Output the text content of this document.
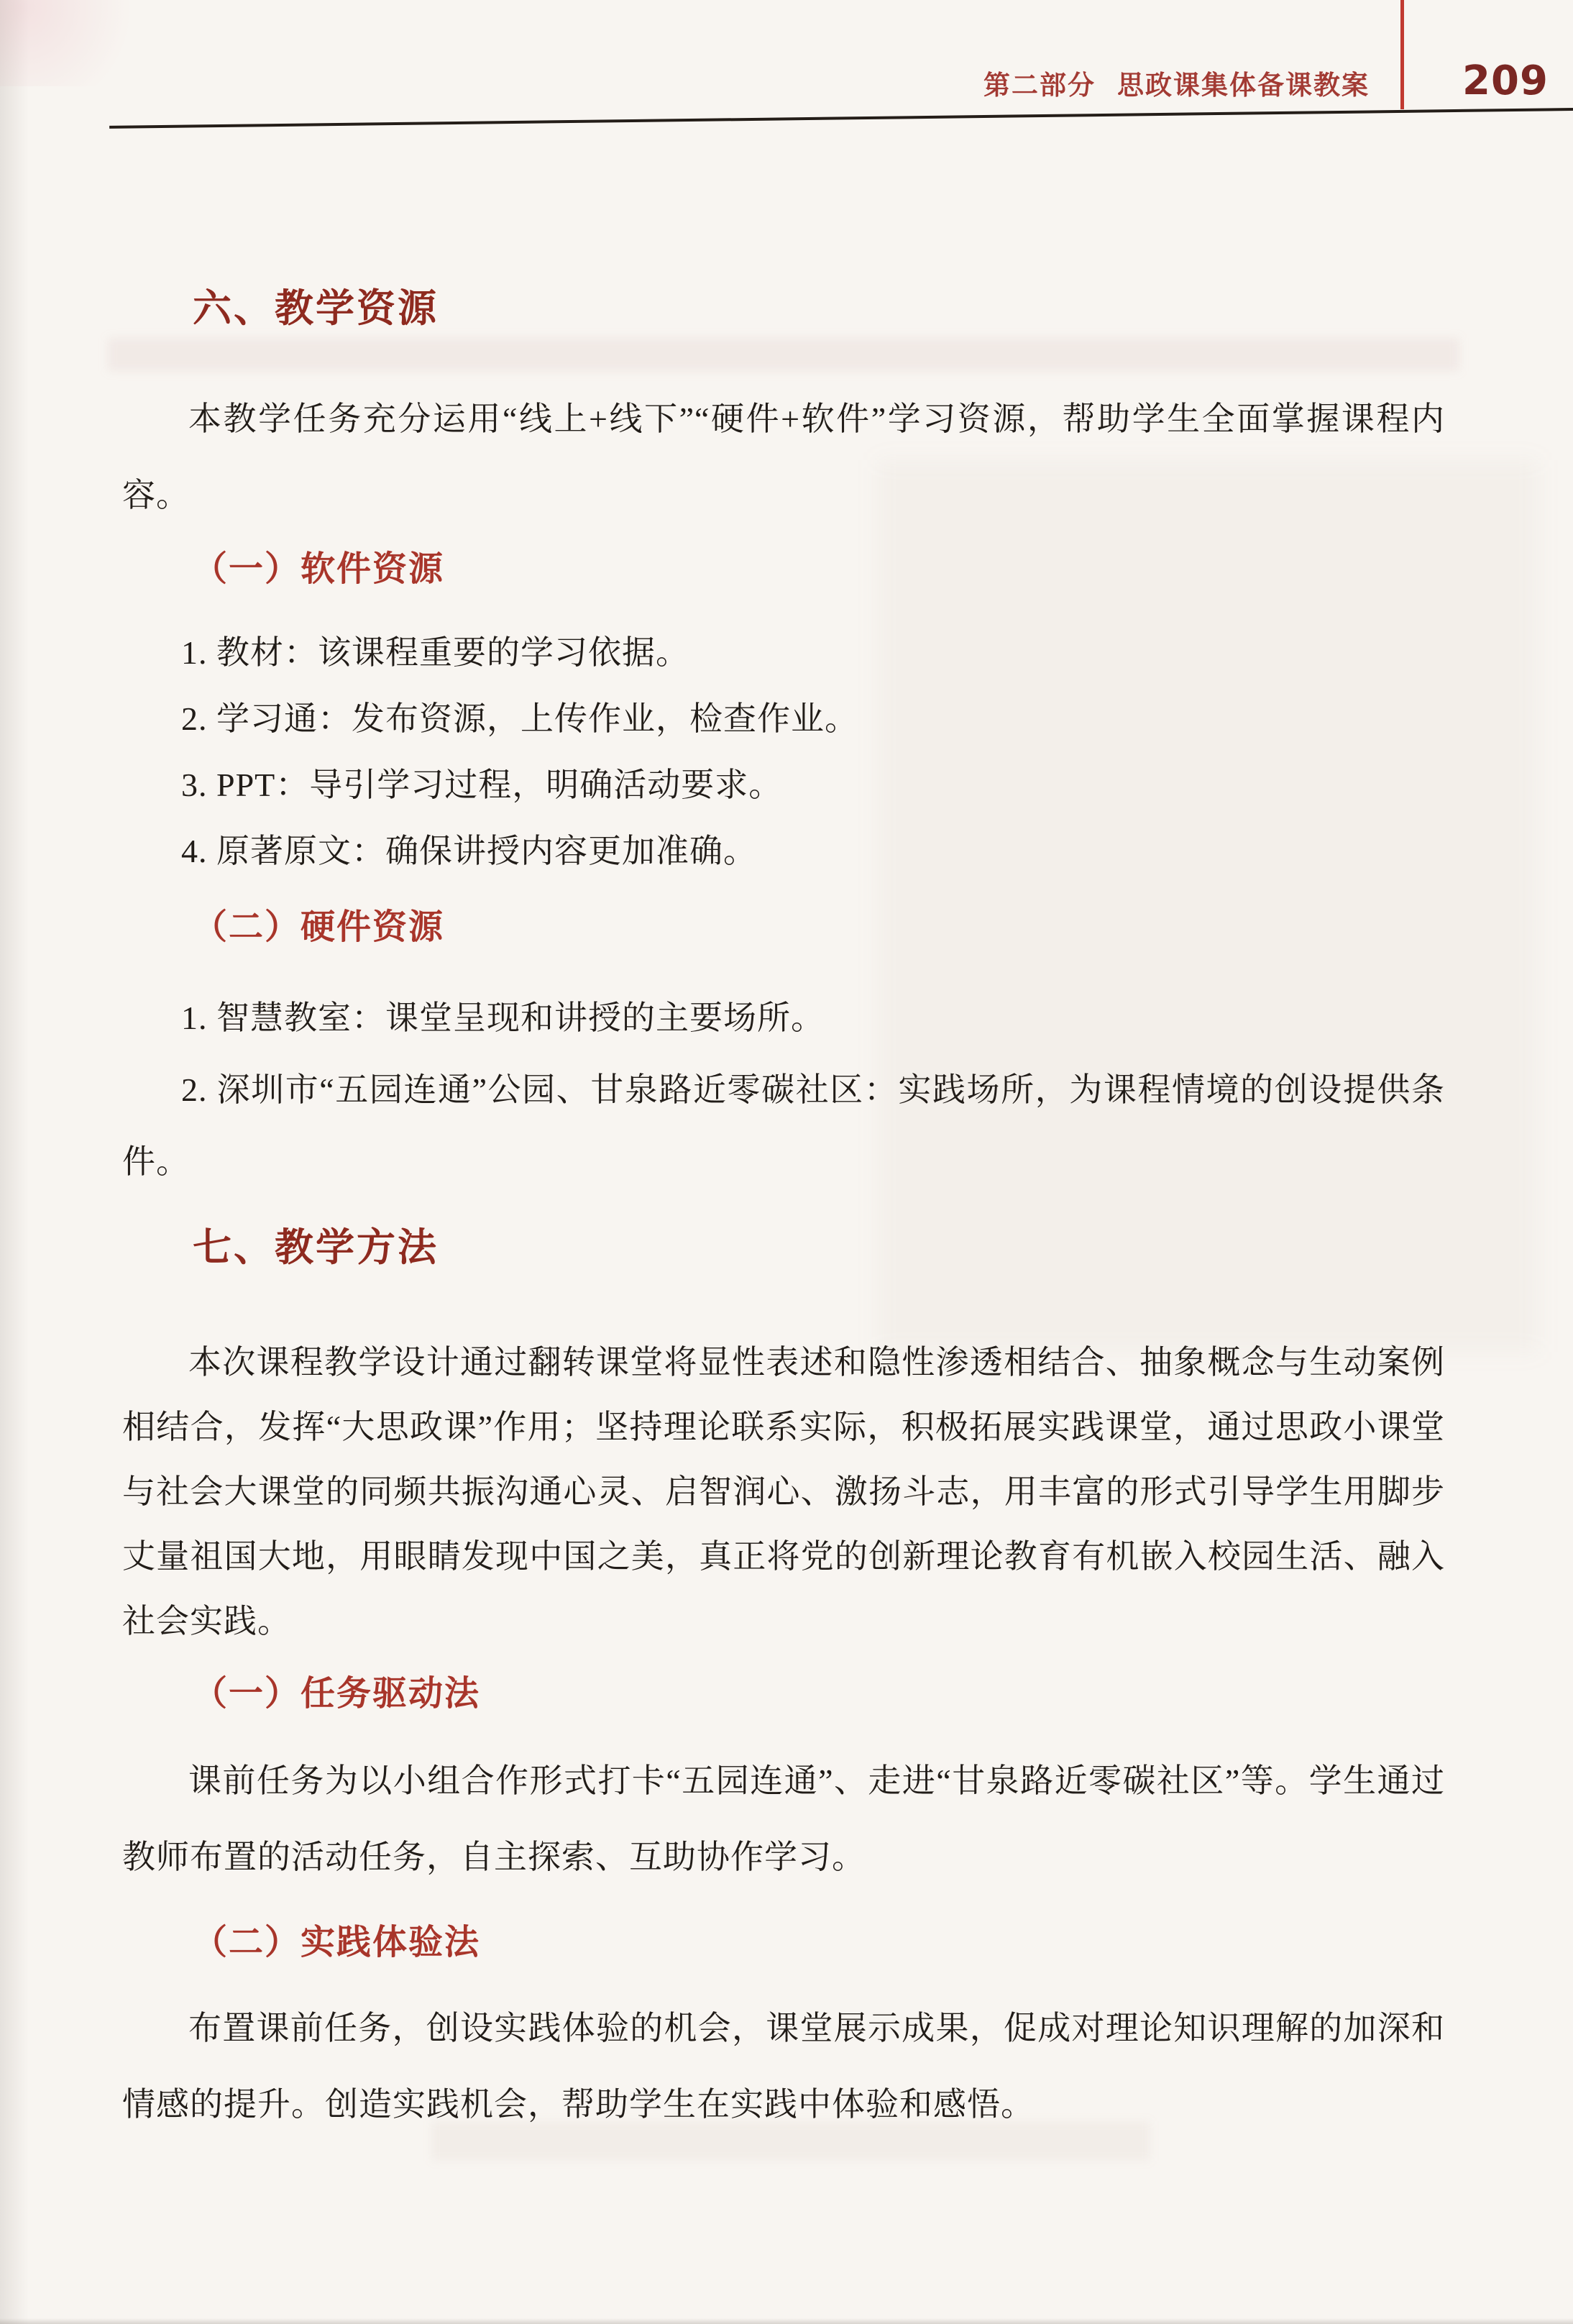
第二部分 思政课集体备课教案	209
六、教学资源

本教学任务充分运用“线上+线下”“硬件+软件”学习资源，帮助学生全面掌握课程内容。

（一）软件资源

1. 教材：该课程重要的学习依据。

2. 学习通：发布资源，上传作业，检查作业。

3. PPT：导引学习过程，明确活动要求。

4. 原著原文：确保讲授内容更加准确。

（二）硬件资源

1. 智慧教室：课堂呈现和讲授的主要场所。

2. 深圳市“五园连通”公园、甘泉路近零碳社区：实践场所，为课程情境的创设提供条件。

七、教学方法

本次课程教学设计通过翻转课堂将显性表述和隐性渗透相结合、抽象概念与生动案例相结合，发挥“大思政课”作用；坚持理论联系实际，积极拓展实践课堂，通过思政小课堂与社会大课堂的同频共振沟通心灵、启智润心、激扬斗志，用丰富的形式引导学生用脚步丈量祖国大地，用眼睛发现中国之美，真正将党的创新理论教育有机嵌入校园生活、融入社会实践。

（一）任务驱动法

课前任务为以小组合作形式打卡“五园连通”、走进“甘泉路近零碳社区”等。学生通过教师布置的活动任务，自主探索、互助协作学习。

（二）实践体验法

布置课前任务，创设实践体验的机会，课堂展示成果，促成对理论知识理解的加深和情感的提升。创造实践机会，帮助学生在实践中体验和感悟。
